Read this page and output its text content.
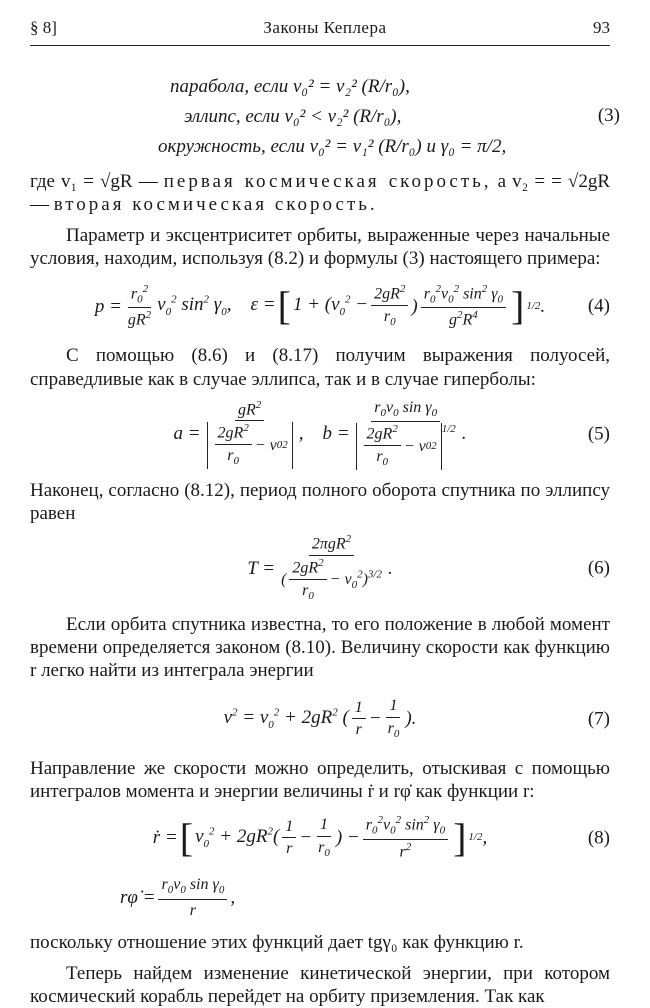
§ 8]	Законы Кеплера	93
парабола, если v₀² = v₂² (R/r₀),
эллипс, если v₀² < v₂² (R/r₀),
окружность, если v₀² = v₁² (R/r₀) и γ₀ = π/2,
(3)

где v₁ = √gR — первая космическая скорость, а v₂ = = √2gR — вторая космическая скорость.

Параметр и эксцентриситет орбиты, выраженные через начальные условия, находим, используя (8.2) и формулы (3) настоящего примера:

$p = \frac{r_0^2}{gR^2} v_0^2$ $\sin^2 \gamma_0$,    ε = [ $1 + (v_0^2 - \frac{2gR^2}{r_0}$ ) $\frac{r_0^2v_0^2 \sin^2 \gamma_0}{g^2R^4}$ ] 1/2 . (4)

С помощью (8.6) и (8.17) получим выражения полуосей, справедливые как в случае эллипса, так и в случае гиперболы:

$a = \frac{gR^2}{\frac{2gR^2}{r_0} - v 0 2}$ ,    $b = r_0v_0$ $\sin \gamma_0$
$\frac{2gR^2}{r_0} - v$ 0 2
$^{1/2}$ .	(5)

Наконец, согласно (8.12), период полного оборота спутника по эллипсу равен

$T = \frac{2\pi gR^2}{( \frac{2gR^2}{r_0} - v_0^2)^{3/2}}$ .	(6)

Если орбита спутника известна, то его положение в любой момент времени определяется законом (8.10). Величину скорости как функцию r легко найти из интеграла энергии

$v^2 = v_0^2 + 2gR^2$ ( $\frac{1}{r} - \frac{1}{r_0}$ ).	(7)

Направление же скорости можно определить, отыскивая с помощью интегралов момента и энергии величины ṙ и rφ̇ как функции r:

ṙ = [ $v_0^2 + 2gR^2( \frac{1}{r} - \frac{1}{r_0}$ ) − $\frac{r_0^2v_0^2 \sin^2 \gamma_0}{r^2}$ ] 1/2 ,	(8)
rφ̇ = $\frac{r_0v_0 \sin \gamma_0}{r}$ ,

поскольку отношение этих функций дает tgγ₀ как функцию r.

Теперь найдем изменение кинетической энергии, при котором космический корабль перейдет на орбиту приземления. Так как
